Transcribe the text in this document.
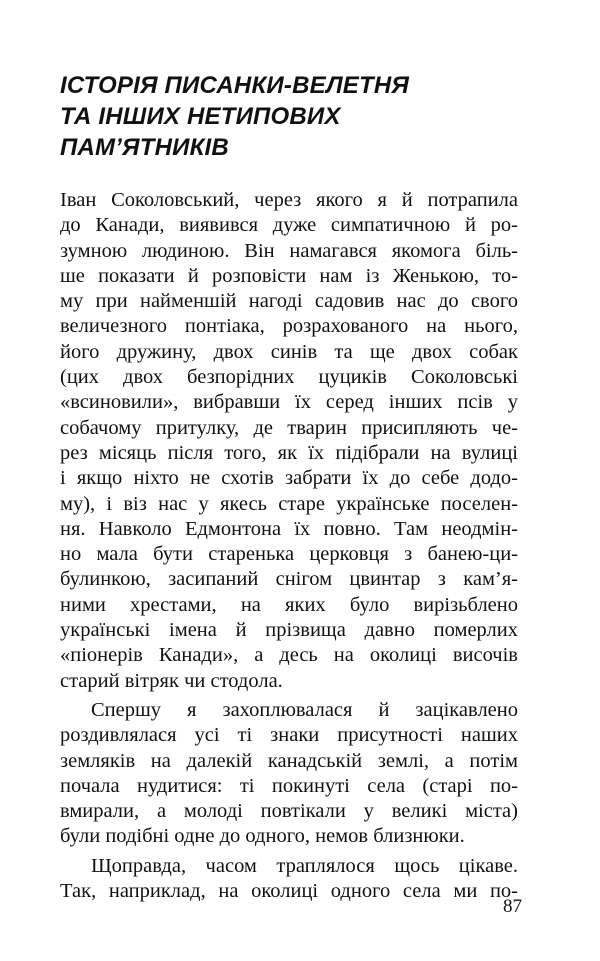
ІСТОРІЯ ПИСАНКИ-ВЕЛЕТНЯ
ТА ІНШИХ НЕТИПОВИХ
ПАМ’ЯТНИКІВ
Іван Соколовський, через якого я й потрапила
до Канади, виявився дуже симпатичною й ро-
зумною людиною. Він намагався якомога біль-
ше показати й розповісти нам із Женькою, то-
му при найменшій нагоді садовив нас до свого
величезного понтіака, розрахованого на нього,
його дружину, двох синів та ще двох собак
(цих двох безпорідних цуциків Соколовські
«всиновили», вибравши їх серед інших псів у
собачому притулку, де тварин присипляють че-
рез місяць після того, як їх підібрали на вулиці
і якщо ніхто не схотів забрати їх до себе додо-
му), і віз нас у якесь старе українське поселен-
ня. Навколо Едмонтона їх повно. Там неодмін-
но мала бути старенька церковця з банею-ци-
булинкою, засипаний снігом цвинтар з кам’я-
ними хрестами, на яких було вирізьблено
українські імена й прізвища давно померлих
«піонерів Канади», а десь на околиці височів
старий вітряк чи стодола.
Спершу я захоплювалася й зацікавлено
роздивлялася усі ті знаки присутності наших
земляків на далекій канадській землі, а потім
почала нудитися: ті покинуті села (старі по-
вмирали, а молоді повтікали у великі міста)
були подібні одне до одного, немов близнюки.
Щоправда, часом траплялося щось цікаве.
Так, наприклад, на околиці одного села ми по-
87
